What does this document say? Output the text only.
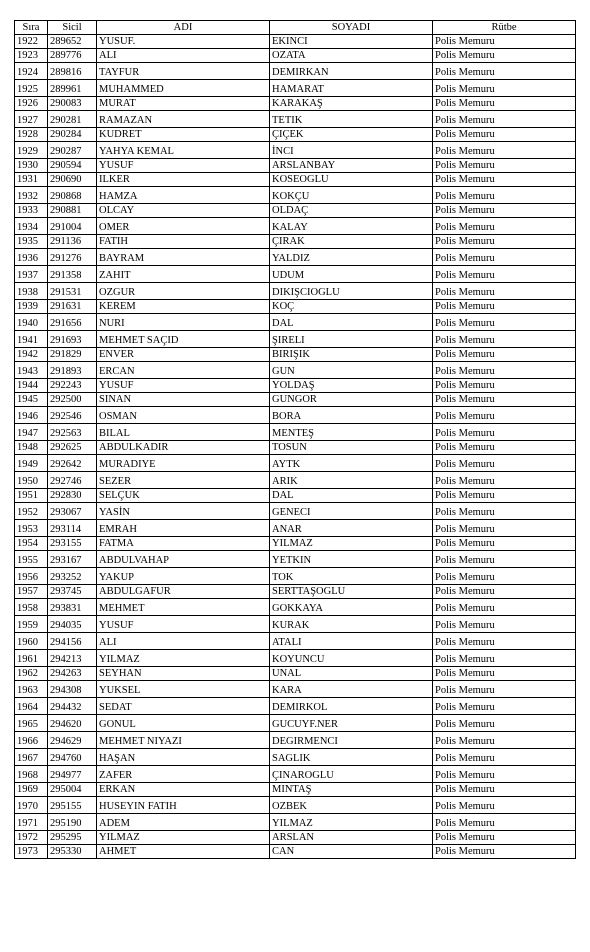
Sıra	Sicil	ADI	SOYADI	Rütbe
1922	289652	YUSUF.	EKINCI	Polis Memuru
1923	289776	ALI	OZATA	Polis Memuru
1924	289816	TAYFUR	DEMIRKAN	Polis Memuru
1925	289961	MUHAMMED	HAMARAT	Polis Memuru
1926	290083	MURAT	KARAKAŞ	Polis Memuru
1927	290281	RAMAZAN	TETIK	Polis Memuru
1928	290284	KUDRET	ÇIÇEK	Polis Memuru
1929	290287	YAHYA KEMAL	İNCI	Polis Memuru
1930	290594	YUSUF	ARSLANBAY	Polis Memuru
1931	290690	ILKER	KOSEOGLU	Polis Memuru
1932	290868	HAMZA	KOKÇU	Polis Memuru
1933	290881	OLCAY	OLDAÇ	Polis Memuru
1934	291004	OMER	KALAY	Polis Memuru
1935	291136	FATIH	ÇIRAK	Polis Memuru
1936	291276	BAYRAM	YALDIZ	Polis Memuru
1937	291358	ZAHIT	UDUM	Polis Memuru
1938	291531	OZGUR	DIKIŞCIOGLU	Polis Memuru
1939	291631	KEREM	KOÇ	Polis Memuru
1940	291656	NURI	DAL	Polis Memuru
1941	291693	MEHMET SAÇID	ŞIRELI	Polis Memuru
1942	291829	ENVER	BIRIŞIK	Polis Memuru
1943	291893	ERCAN	GUN	Polis Memuru
1944	292243	YUSUF	YOLDAŞ	Polis Memuru
1945	292500	SINAN	GUNGOR	Polis Memuru
1946	292546	OSMAN	BORA	Polis Memuru
1947	292563	BILAL	MENTEŞ	Polis Memuru
1948	292625	ABDULKADIR	TOSUN	Polis Memuru
1949	292642	MURADIYE	AYTK	Polis Memuru
1950	292746	SEZER	ARIK	Polis Memuru
1951	292830	SELÇUK	DAL	Polis Memuru
1952	293067	YASİN	GENECI	Polis Memuru
1953	293114	EMRAH	ANAR	Polis Memuru
1954	293155	FATMA	YILMAZ	Polis Memuru
1955	293167	ABDULVAHAP	YETKIN	Polis Memuru
1956	293252	YAKUP	TOK	Polis Memuru
1957	293745	ABDULGAFUR	SERTTAŞOGLU	Polis Memuru
1958	293831	MEHMET	GOKKAYA	Polis Memuru
1959	294035	YUSUF	KURAK	Polis Memuru
1960	294156	ALI	ATALI	Polis Memuru
1961	294213	YILMAZ	KOYUNCU	Polis Memuru
1962	294263	SEYHAN	UNAL	Polis Memuru
1963	294308	YUKSEL	KARA	Polis Memuru
1964	294432	SEDAT	DEMIRKOL	Polis Memuru
1965	294620	GONUL	GUCUYF.NER	Polis Memuru
1966	294629	MEHMET NIYAZI	DEGIRMENCI	Polis Memuru
1967	294760	HAŞAN	SAGLIK	Polis Memuru
1968	294977	ZAFER	ÇINAROGLU	Polis Memuru
1969	295004	ERKAN	MINTAŞ	Polis Memuru
1970	295155	HUSEYIN FATIH	OZBEK	Polis Memuru
1971	295190	ADEM	YILMAZ	Polis Memuru
1972	295295	YILMAZ	ARSLAN	Polis Memuru
1973	295330	AHMET	CAN	Polis Memuru
